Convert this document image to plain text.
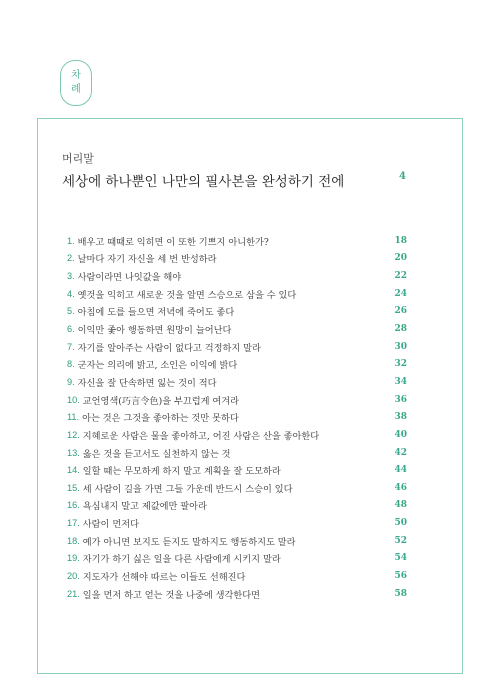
차
례
머리말
세상에 하나뿐인 나만의 필사본을 완성하기 전에	4
1. 배우고 때때로 익히면 이 또한 기쁘지 아니한가?	18
2. 날마다 자기 자신을 세 번 반성하라	20
3. 사람이라면 나잇값을 해야	22
4. 옛것을 익히고 새로운 것을 알면 스승으로 삼을 수 있다	24
5. 아침에 도를 들으면 저녁에 죽어도 좋다	26
6. 이익만 좇아 행동하면 원망이 늘어난다	28
7. 자기를 알아주는 사람이 없다고 걱정하지 말라	30
8. 군자는 의리에 밝고, 소인은 이익에 밝다	32
9. 자신을 잘 단속하면 잃는 것이 적다	34
10. 교언영색(巧言令色)을 부끄럽게 여겨라	36
11. 아는 것은 그것을 좋아하는 것만 못하다	38
12. 지혜로운 사람은 물을 좋아하고, 어진 사람은 산을 좋아한다	40
13. 옳은 것을 듣고서도 실천하지 않는 것	42
14. 일할 때는 무모하게 하지 말고 계획을 잘 도모하라	44
15. 세 사람이 길을 가면 그들 가운데 반드시 스승이 있다	46
16. 욕심내지 말고 제값에만 팔아라	48
17. 사람이 먼저다	50
18. 예가 아니면 보지도 듣지도 말하지도 행동하지도 말라	52
19. 자기가 하기 싫은 일을 다른 사람에게 시키지 말라	54
20. 지도자가 선해야 따르는 이들도 선해진다	56
21. 일을 먼저 하고 얻는 것을 나중에 생각한다면	58
